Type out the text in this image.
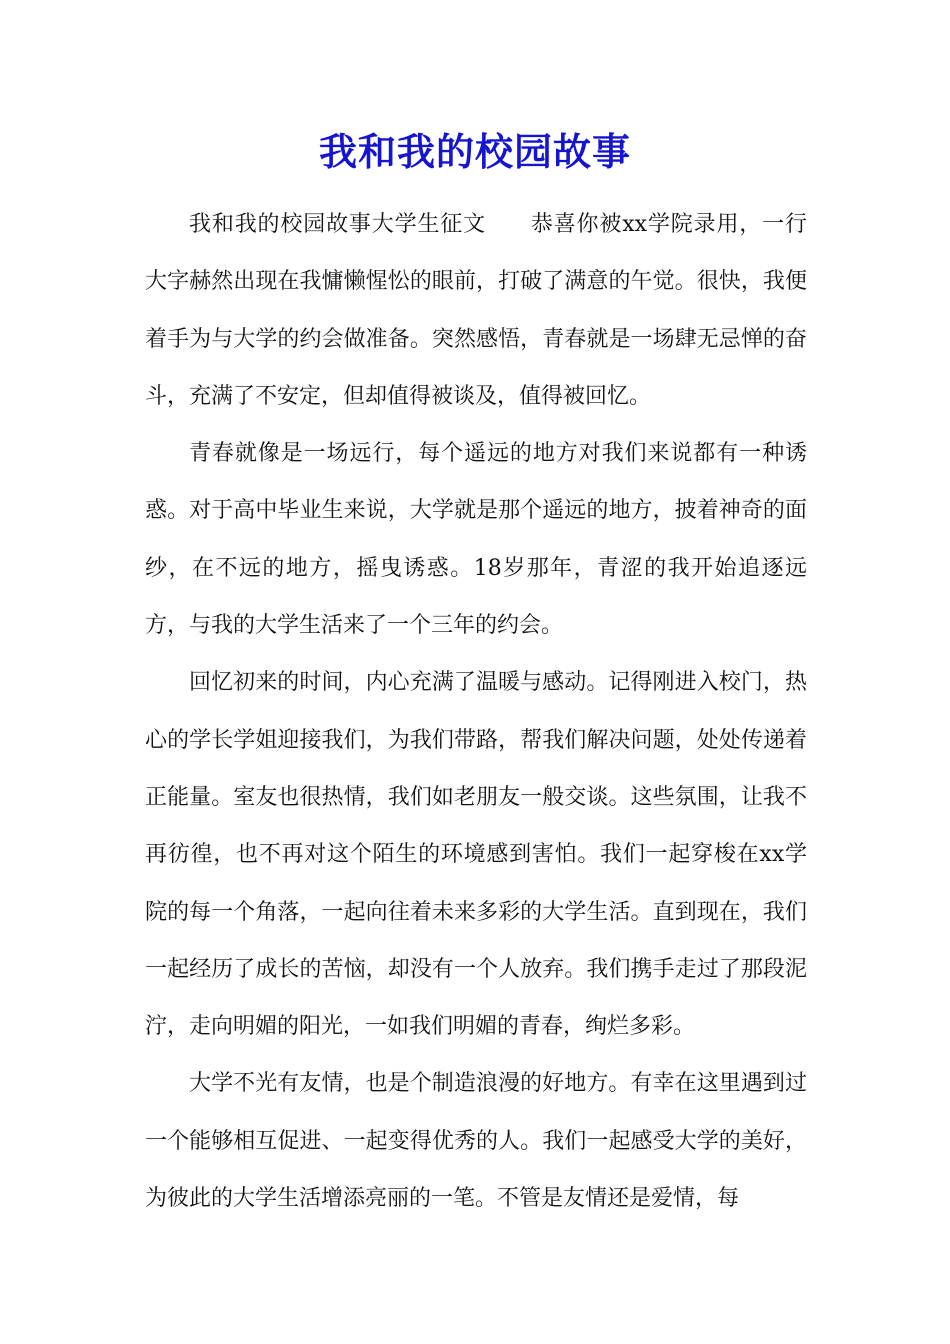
我和我的校园故事

我和我的校园故事大学生征文 恭喜你被xx学院录用，一行大字赫然出现在我慵懒惺忪的眼前，打破了满意的午觉。很快，我便着手为与大学的约会做准备。突然感悟，青春就是一场肆无忌惮的奋斗，充满了不安定，但却值得被谈及，值得被回忆。

青春就像是一场远行，每个遥远的地方对我们来说都有一种诱惑。对于高中毕业生来说，大学就是那个遥远的地方，披着神奇的面纱，在不远的地方，摇曳诱惑。18岁那年，青涩的我开始追逐远方，与我的大学生活来了一个三年的约会。

回忆初来的时间，内心充满了温暖与感动。记得刚进入校门，热心的学长学姐迎接我们，为我们带路，帮我们解决问题，处处传递着正能量。室友也很热情，我们如老朋友一般交谈。这些氛围，让我不再彷徨，也不再对这个陌生的环境感到害怕。我们一起穿梭在xx学院的每一个角落，一起向往着未来多彩的大学生活。直到现在，我们一起经历了成长的苦恼，却没有一个人放弃。我们携手走过了那段泥泞，走向明媚的阳光，一如我们明媚的青春，绚烂多彩。

大学不光有友情，也是个制造浪漫的好地方。有幸在这里遇到过一个能够相互促进、一起变得优秀的人。我们一起感受大学的美好，为彼此的大学生活增添亮丽的一笔。不管是友情还是爱情，每
